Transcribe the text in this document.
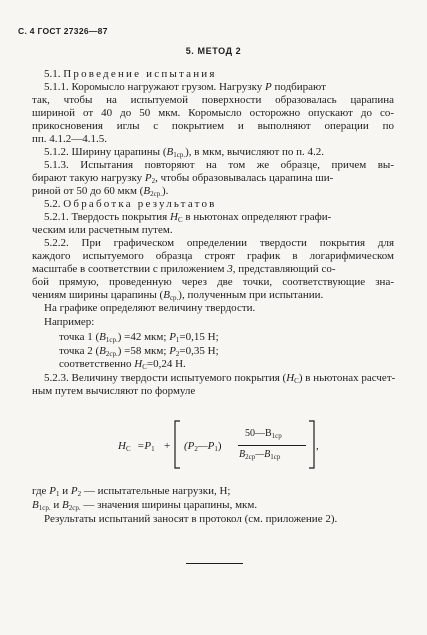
С. 4 ГОСТ 27326—87
5. МЕТОД 2
5.1. Проведение испытания
5.1.1. Коромысло нагружают грузом. Нагрузку P подбирают
так, чтобы на испытуемой поверхности образовалась царапина
шириной от 40 до 50 мкм. Коромысло осторожно опускают до со-
прикосновения иглы с покрытием и выполняют операции по
пп. 4.1.2—4.1.5.
5.1.2. Ширину царапины $(B_{1ср.})$, в мкм, вычисляют по п. 4.2.
5.1.3. Испытания повторяют на том же образце, причем вы-
бирают такую нагрузку $P_2$, чтобы образовывалась царапина ши-
риной от 50 до 60 мкм $(B_{2ср.})$.
5.2. Обработка результатов
5.2.1. Твердость покрытия $H_C$ в ньютонах определяют графи-
ческим или расчетным путем.
5.2.2. При графическом определении твердости покрытия для
каждого испытуемого образца строят график в логарифмическом
масштабе в соответствии с приложением 3, представляющий со-
бой прямую, проведенную через две точки, соответствующие зна-
чениям ширины царапины $(B_{ср.})$, полученным при испытании.
На графике определяют величину твердости.
Например:
точка 1 $(B_{1ср.}) =42$ мкм; $P_1=0,15$ Н;
точка 2 $(B_{2ср.}) =58$ мкм; $P_2=0,35$ Н;
соответственно $H_C=0,24$ Н.
5.2.3. Величину твердости испытуемого покрытия $(H_C)$ в ньютонах расчет-
ным путем вычисляют по формуле
$H_C =P_1$ + $(P_2—P_1)$
$50—B_{1ср}$
$B_{2ср}—B_{1ср}$
,
где $P_1$ и $P_2$ — испытательные нагрузки, Н;
$B_{1ср.}$ и $B_{2ср.}$ — значения ширины царапины, мкм.
Результаты испытаний заносят в протокол (см. приложение 2).
